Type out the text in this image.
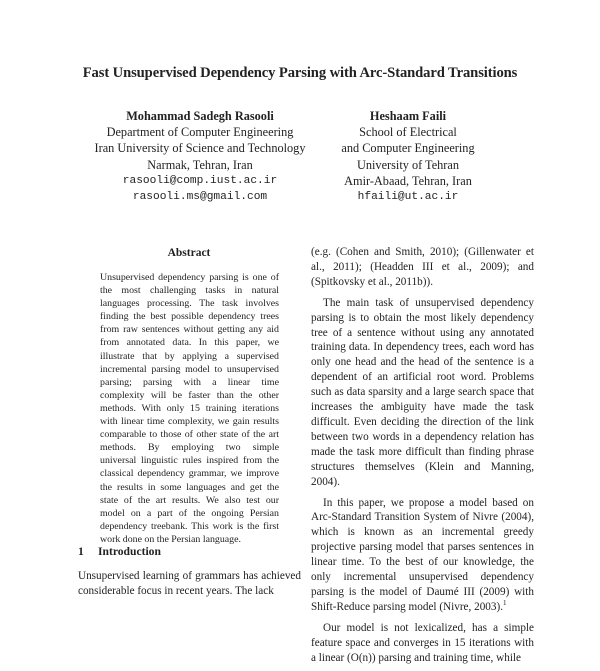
Fast Unsupervised Dependency Parsing with Arc-Standard Transitions
Mohammad Sadegh Rasooli
Department of Computer Engineering
Iran University of Science and Technology
Narmak, Tehran, Iran
rasooli@comp.iust.ac.ir
rasooli.ms@gmail.com
Heshaam Faili
School of Electrical
and Computer Engineering
University of Tehran
Amir-Abaad, Tehran, Iran
hfaili@ut.ac.ir
Abstract
Unsupervised dependency parsing is one of the most challenging tasks in natural languages processing. The task involves finding the best possible dependency trees from raw sentences without getting any aid from annotated data. In this paper, we illustrate that by applying a supervised incremental parsing model to unsupervised parsing; parsing with a linear time complexity will be faster than the other methods. With only 15 training iterations with linear time complexity, we gain results comparable to those of other state of the art methods. By employing two simple universal linguistic rules inspired from the classical dependency grammar, we improve the results in some languages and get the state of the art results. We also test our model on a part of the ongoing Persian dependency treebank. This work is the first work done on the Persian language.
1 Introduction
Unsupervised learning of grammars has achieved considerable focus in recent years. The lack

(e.g. (Cohen and Smith, 2010); (Gillenwater et al., 2011); (Headden III et al., 2009); and (Spitkovsky et al., 2011b)).

The main task of unsupervised dependency parsing is to obtain the most likely dependency tree of a sentence without using any annotated training data. In dependency trees, each word has only one head and the head of the sentence is a dependent of an artificial root word. Problems such as data sparsity and a large search space that increases the ambiguity have made the task difficult. Even deciding the direction of the link between two words in a dependency relation has made the task more difficult than finding phrase structures themselves (Klein and Manning, 2004).

In this paper, we propose a model based on Arc-Standard Transition System of Nivre (2004), which is known as an incremental greedy projective parsing model that parses sentences in linear time. To the best of our knowledge, the only incremental unsupervised dependency parsing is the model of Daumé III (2009) with Shift-Reduce parsing model (Nivre, 2003).$^1$

Our model is not lexicalized, has a simple feature space and converges in 15 iterations with a linear (O(n)) parsing and training time, while
